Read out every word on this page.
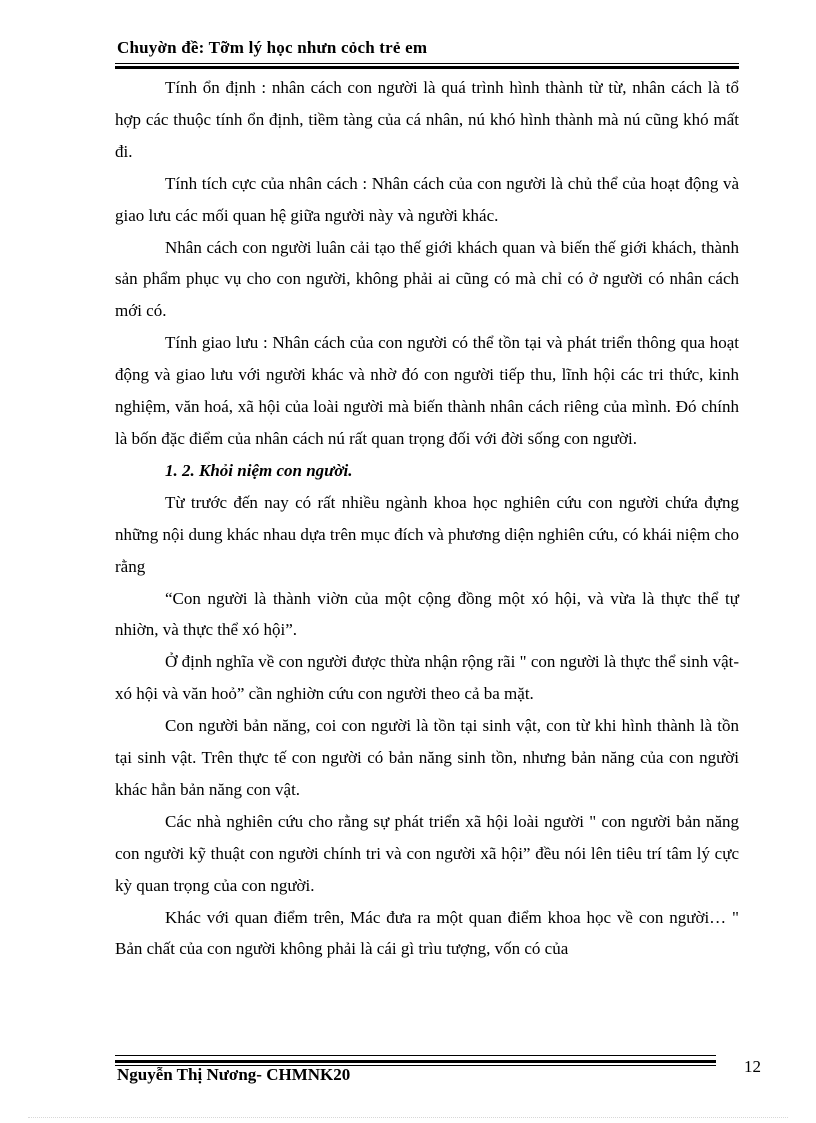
Chuyờn đề: Tỡm lý học nhưn cỏch trẻ em

Tính ổn định : nhân cách con người là quá trình hình thành từ từ, nhân cách là tổ hợp các thuộc tính ổn định, tiềm tàng của cá nhân, nú khó hình thành mà nú cũng khó mất đi.

Tính tích cực của nhân cách : Nhân cách của con người là chủ thể của hoạt động và giao lưu các mối quan hệ giữa người này và người khác.

Nhân cách con người luân cải tạo thế giới khách quan và biến thế giới khách, thành sản phẩm phục vụ cho con người, không phải ai cũng có mà chỉ có ở người có nhân cách mới có.

Tính giao lưu : Nhân cách của con người có thể tồn tại và phát triển thông qua hoạt động và giao lưu với người khác và nhờ đó con người tiếp thu, lĩnh hội các tri thức, kinh nghiệm, văn hoá, xã hội của loài người mà biến thành nhân cách riêng của mình. Đó chính là bốn đặc điểm của nhân cách nú rất quan trọng đối với đời sống con người.

1. 2. Khỏi niệm con người.

Từ trước đến nay có rất nhiều ngành khoa học nghiên cứu con người chứa đựng những nội dung khác nhau dựa trên mục đích và phương diện nghiên cứu, có khái niệm cho rằng

“Con người là thành viờn của một cộng đồng một xó hội, và vừa là thực thể tự nhiờn, và thực thể xó hội”.

Ở định nghĩa về con người được thừa nhận rộng rãi " con người là thực thể sinh vật- xó hội và văn hoỏ” cần nghiờn cứu con người theo cả ba mặt.

Con người bản năng, coi con người là tồn tại sinh vật, con từ khi hình thành là tồn tại sinh vật. Trên thực tế con người có bản năng sinh tồn, nhưng bản năng của con người khác hẳn bản năng con vật.

Các nhà nghiên cứu cho rằng sự phát triển xã hội loài người " con người bản năng con người kỹ thuật con người chính tri và con người xã hội” đều nói lên tiêu trí tâm lý cực kỳ quan trọng của con người.

Khác với quan điểm trên, Mác đưa ra một quan điểm khoa học về con người… " Bản chất của con người không phải là cái gì trìu tượng, vốn có của

Nguyễn Thị Nương- CHMNK20	12
